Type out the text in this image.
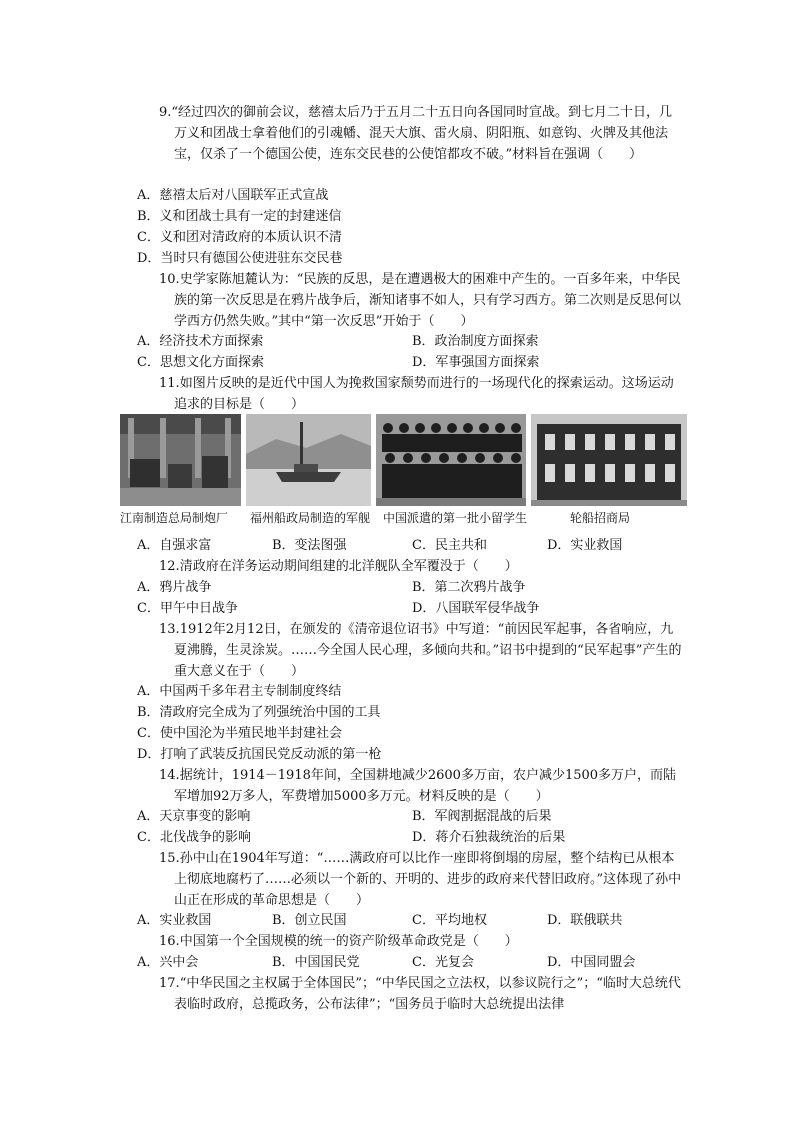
9.“经过四次的御前会议，慈禧太后乃于五月二十五日向各国同时宣战。到七月二十日，几万义和团战士拿着他们的引魂幡、混天大旗、雷火扇、阴阳瓶、如意钩、火牌及其他法宝，仅杀了一个德国公使，连东交民巷的公使馆都攻不破。”材料旨在强调（　　）

A．慈禧太后对八国联军正式宣战
B．义和团战士具有一定的封建迷信
C．义和团对清政府的本质认识不清
D．当时只有德国公使进驻东交民巷

10.史学家陈旭麓认为：“民族的反思，是在遭遇极大的困难中产生的。一百多年来，中华民族的第一次反思是在鸦片战争后，渐知诸事不如人，只有学习西方。第二次则是反思何以学西方仍然失败。”其中“第一次反思”开始于（　　）

A．经济技术方面探索	B．政治制度方面探索
C．思想文化方面探索	D．军事强国方面探索

11.如图片反映的是近代中国人为挽救国家颓势而进行的一场现代化的探索运动。这场运动追求的目标是（　　）

江南制造总局制炮厂 福州船政局制造的军舰 中国派遣的第一批小留学生	轮船招商局
A．自强求富	B．变法图强	C．民主共和	D．实业救国

12.清政府在洋务运动期间组建的北洋舰队全军覆没于（　　）

A．鸦片战争	B．第二次鸦片战争
C．甲午中日战争	D．八国联军侵华战争

13.1912年2月12日，在颁发的《清帝退位诏书》中写道：“前因民军起事，各省响应，九夏沸腾，生灵涂炭。……今全国人民心理，多倾向共和。”诏书中提到的“民军起事”产生的重大意义在于（　　）

A．中国两千多年君主专制制度终结
B．清政府完全成为了列强统治中国的工具
C．使中国沦为半殖民地半封建社会
D．打响了武装反抗国民党反动派的第一枪

14.据统计，1914－1918年间，全国耕地减少2600多万亩，农户减少1500多万户，而陆军增加92万多人，军费增加5000多万元。材料反映的是（　　）

A．天京事变的影响	B．军阀割据混战的后果
C．北伐战争的影响	D．蒋介石独裁统治的后果

15.孙中山在1904年写道：“……满政府可以比作一座即将倒塌的房屋，整个结构已从根本上彻底地腐朽了……必须以一个新的、开明的、进步的政府来代替旧政府。”这体现了孙中山正在形成的革命思想是（　　）

A．实业救国	B．创立民国	C．平均地权	D．联俄联共

16.中国第一个全国规模的统一的资产阶级革命政党是（　　）

A．兴中会	B．中国国民党	C．光复会	D．中国同盟会

17.“中华民国之主权属于全体国民”；“中华民国之立法权，以参议院行之”；“临时大总统代表临时政府，总揽政务，公布法律”；“国务员于临时大总统提出法律
